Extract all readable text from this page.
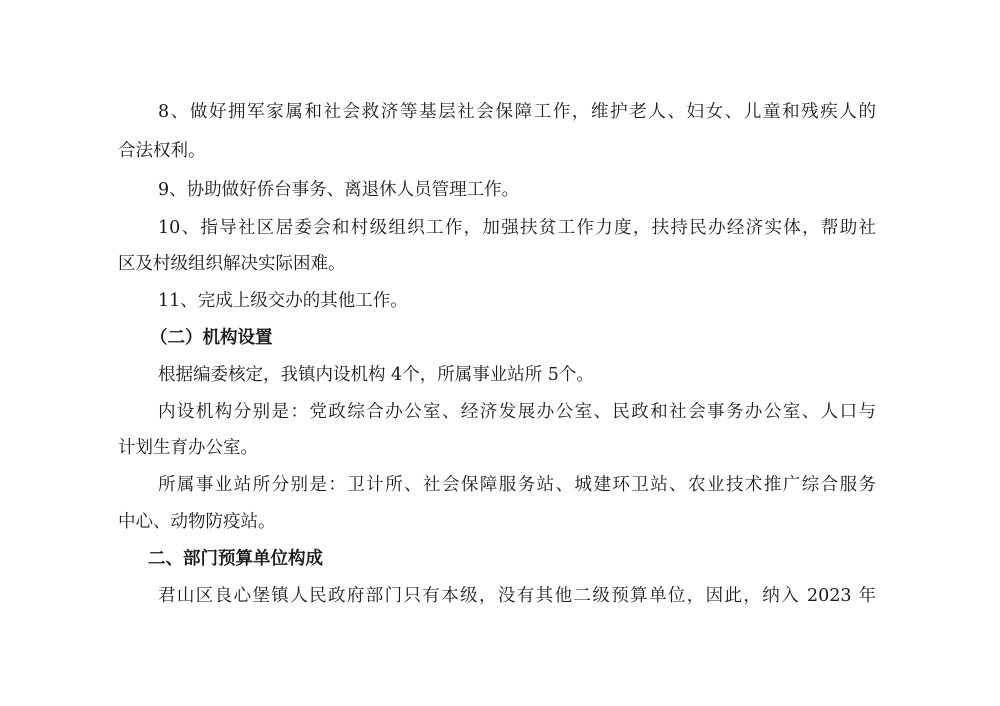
8、做好拥军家属和社会救济等基层社会保障工作，维护老人、妇女、儿童和残疾人的
合法权利。
9、协助做好侨台事务、离退休人员管理工作。
10、指导社区居委会和村级组织工作，加强扶贫工作力度，扶持民办经济实体，帮助社
区及村级组织解决实际困难。
11、完成上级交办的其他工作。
（二）机构设置
根据编委核定，我镇内设机构 4个，所属事业站所 5个。
内设机构分别是：党政综合办公室、经济发展办公室、民政和社会事务办公室、人口与
计划生育办公室。
所属事业站所分别是：卫计所、社会保障服务站、城建环卫站、农业技术推广综合服务
中心、动物防疫站。
二、部门预算单位构成
君山区良心堡镇人民政府部门只有本级，没有其他二级预算单位，因此，纳入 2023 年
